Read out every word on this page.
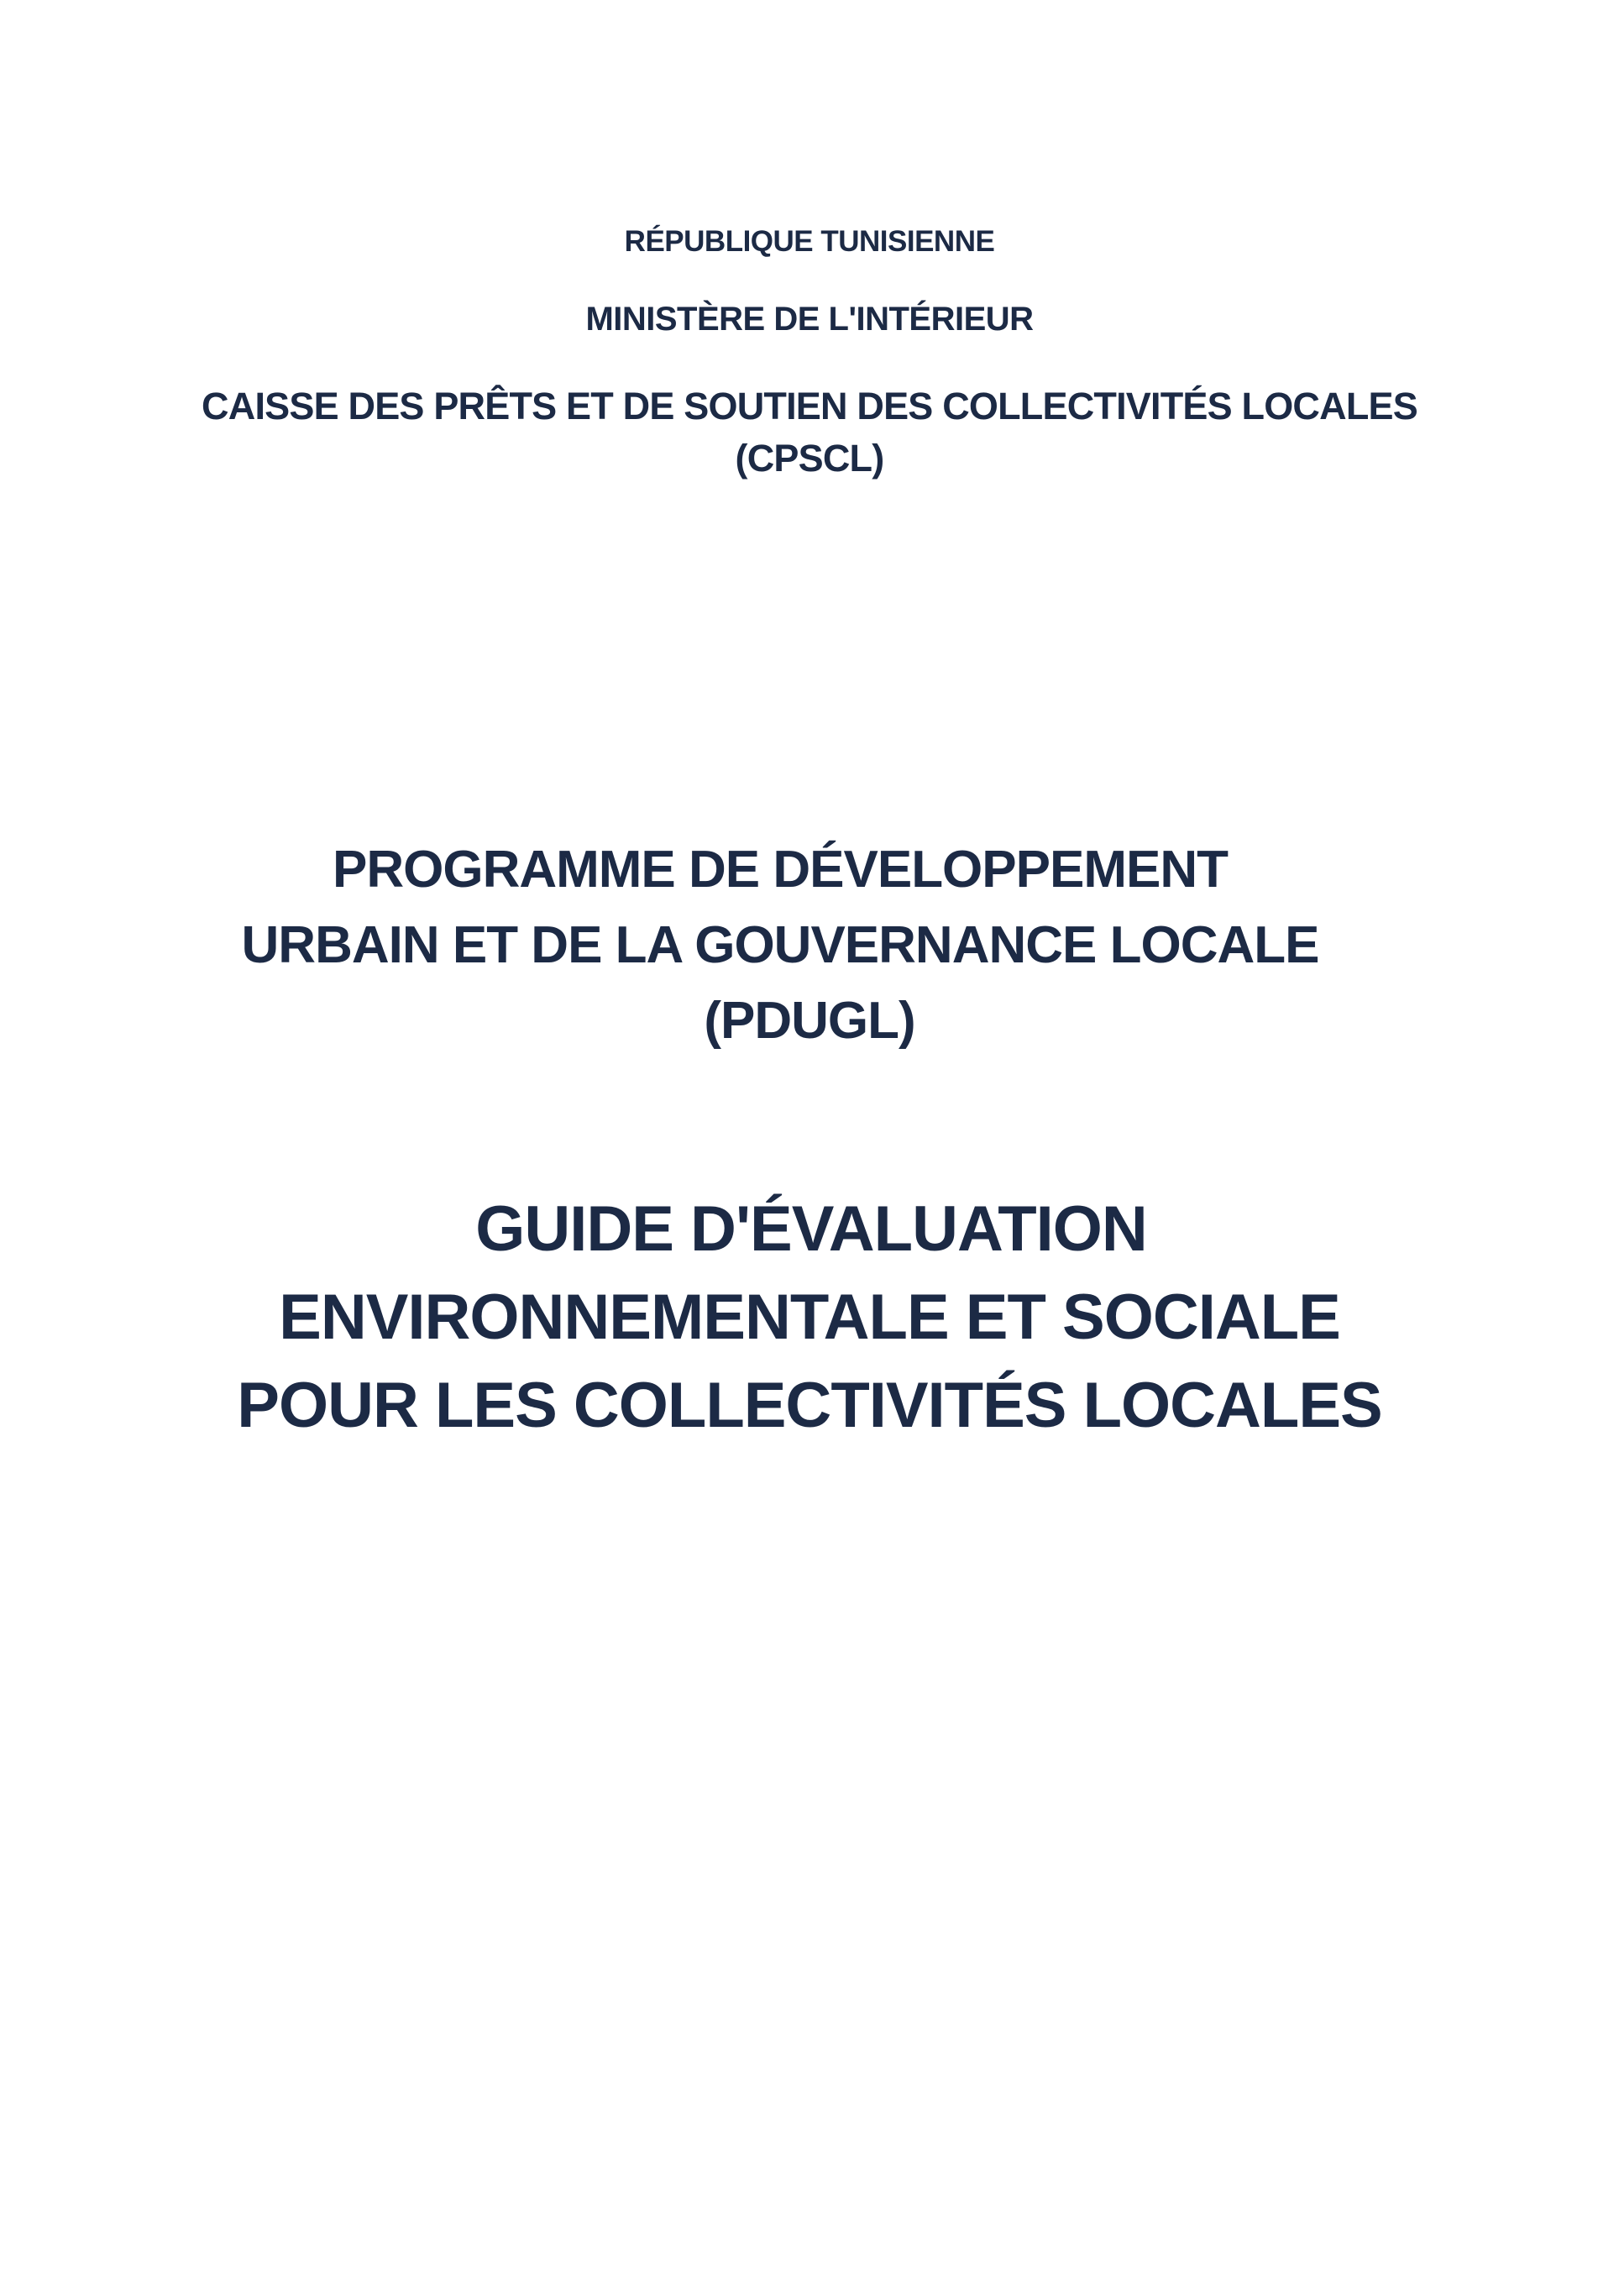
RÉPUBLIQUE TUNISIENNE
MINISTÈRE DE L'INTÉRIEUR
CAISSE DES PRÊTS ET DE SOUTIEN DES COLLECTIVITÉS LOCALES
(CPSCL)
PROGRAMME DE DÉVELOPPEMENT
URBAIN ET DE LA GOUVERNANCE LOCALE
(PDUGL)
GUIDE D'ÉVALUATION
ENVIRONNEMENTALE ET SOCIALE
POUR LES COLLECTIVITÉS LOCALES
